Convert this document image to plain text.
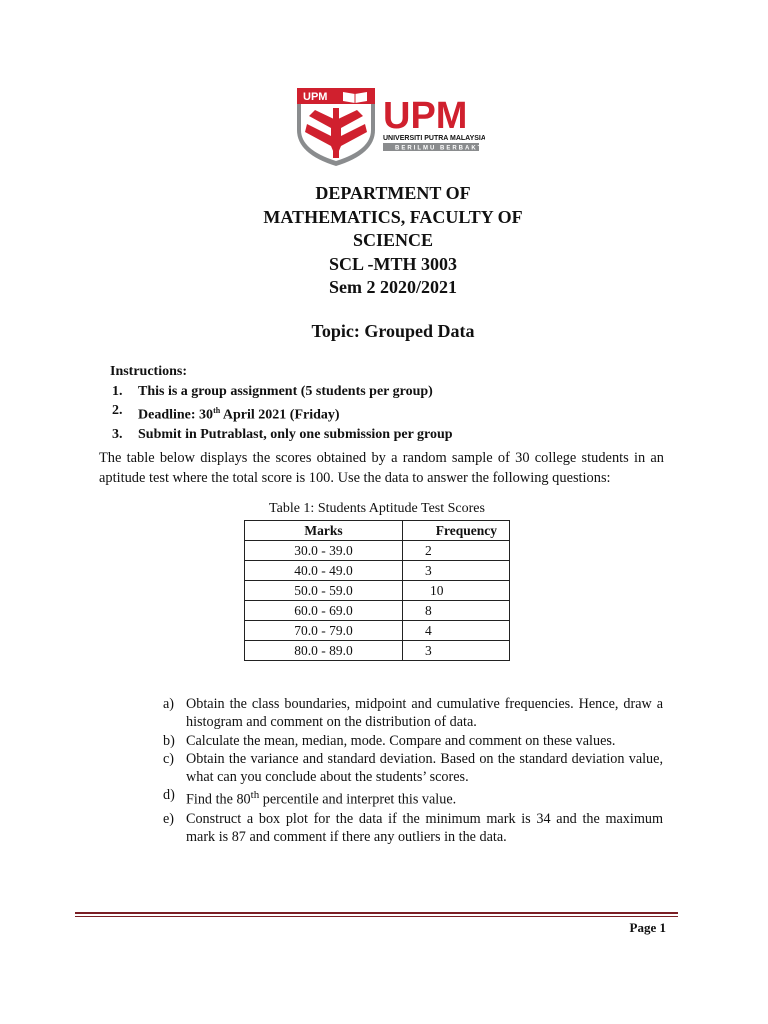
UPM UPM
UNIVERSITI PUTRA MALAYSIA
BERILMU BERBAKTI
DEPARTMENT OF
MATHEMATICS, FACULTY OF
SCIENCE
SCL -MTH 3003
Sem 2 2020/2021
Topic: Grouped Data
Instructions:
1. This is a group assignment (5 students per group)
2. Deadline: 30th April 2021 (Friday)
3. Submit in Putrablast, only one submission per group
The table below displays the scores obtained by a random sample of 30 college students in an aptitude test where the total score is 100. Use the data to answer the following questions:
Table 1: Students Aptitude Test Scores
Marks	Frequency
30.0 - 39.0	2
40.0 - 49.0	3
50.0 - 59.0	10
60.0 - 69.0	8
70.0 - 79.0	4
80.0 - 89.0	3
a) Obtain the class boundaries, midpoint and cumulative frequencies. Hence, draw a histogram and comment on the distribution of data.
b) Calculate the mean, median, mode. Compare and comment on these values.
c) Obtain the variance and standard deviation. Based on the standard deviation value, what can you conclude about the students’ scores.
d) Find the 80th percentile and interpret this value.
e) Construct a box plot for the data if the minimum mark is 34 and the maximum mark is 87 and comment if there any outliers in the data.
Page 1
